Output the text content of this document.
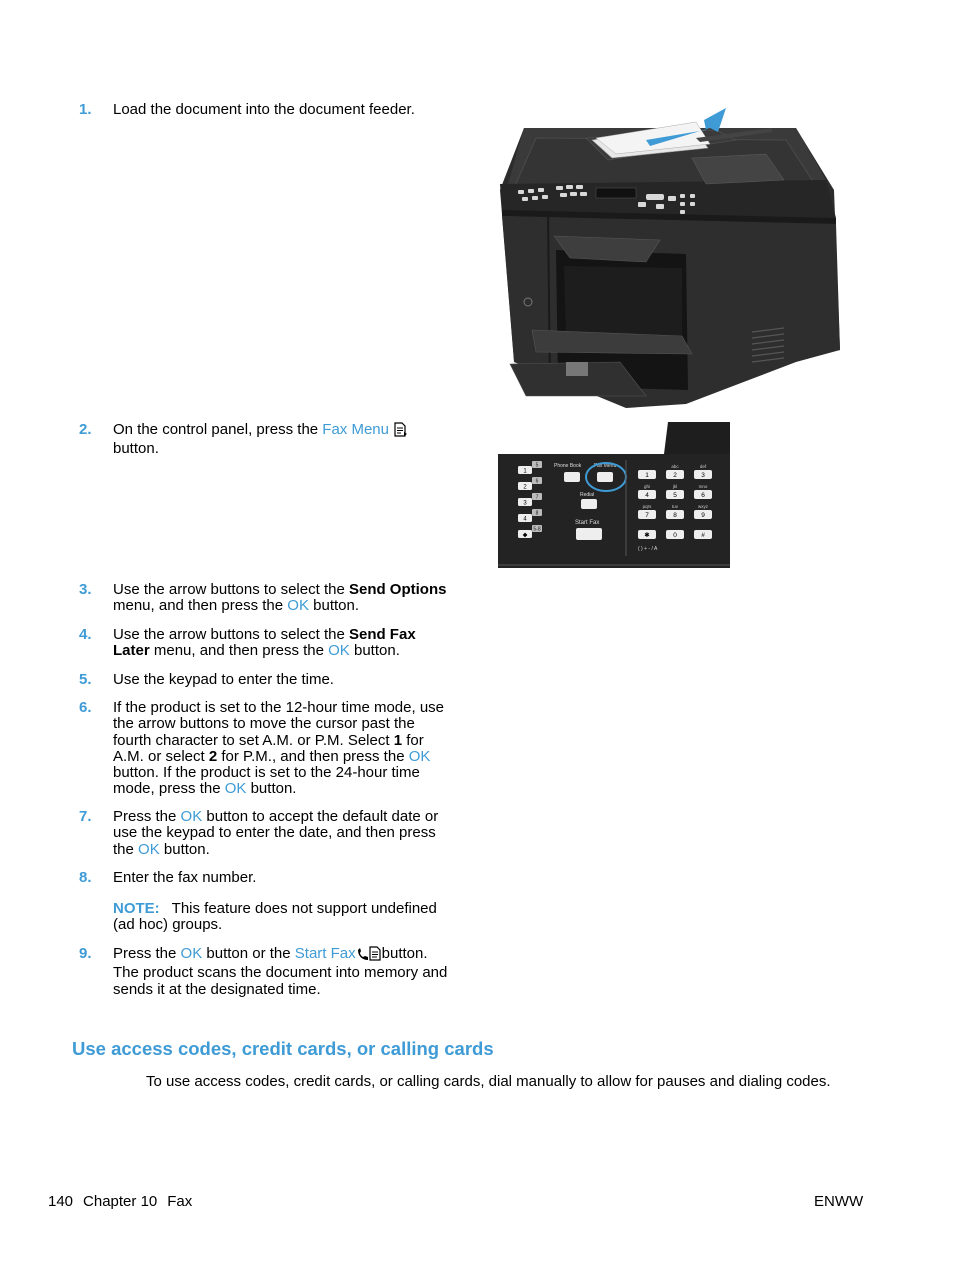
1. Load the document into the document feeder.
2. On the control panel, press the Fax Menu  button.
3. Use the arrow buttons to select the Send Options menu, and then press the OK button.
4. Use the arrow buttons to select the Send Fax Later menu, and then press the OK button.
5. Use the keypad to enter the time.
6. If the product is set to the 12-hour time mode, use the arrow buttons to move the cursor past the fourth character to set A.M. or P.M. Select 1 for A.M. or select 2 for P.M., and then press the OK button. If the product is set to the 24-hour time mode, press the OK button.
7. Press the OK button to accept the default date or use the keypad to enter the date, and then press the OK button.
8. Enter the fax number.
NOTE: This feature does not support undefined (ad hoc) groups.
9. Press the OK button or the Start Fax button. The product scans the document into memory and sends it at the designated time.
1
5
2
6
3
7
4
8
◆
5-8
Phone Book	Fax Menu
Redial
Start Fax
1	2
abc
3
def
4
ghi
5
jkl
6
mno
7
pqrs
8
tuv
9
wxyz
✱	0	#
( ) + - / A
Use access codes, credit cards, or calling cards
To use access codes, credit cards, or calling cards, dial manually to allow for pauses and dialing codes.
140 Chapter 10 Fax	ENWW
